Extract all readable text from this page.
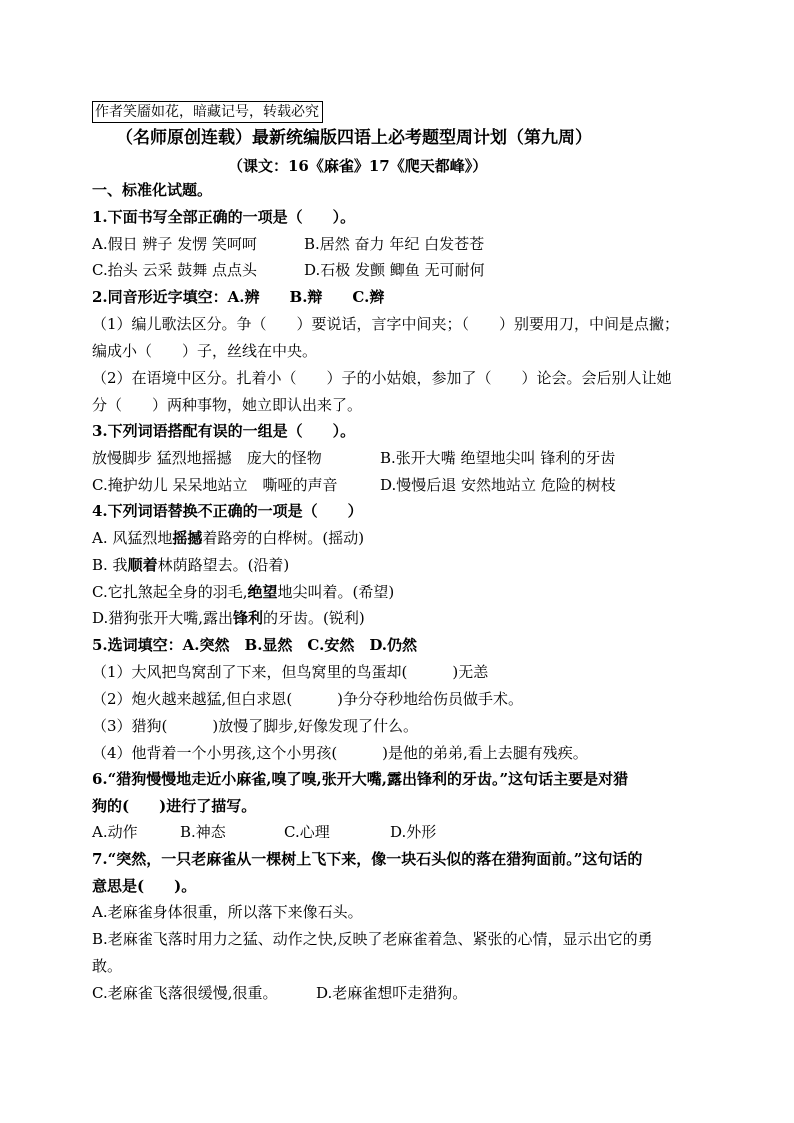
作者笑靥如花，暗藏记号，转载必究
（名师原创连载）最新统编版四语上必考题型周计划（第九周）
（课文：16《麻雀》17《爬天都峰》）
一、标准化试题。
1.下面书写全部正确的一项是（　　）。
A.假日 辨子 发愣 笑呵呵	B.居然 奋力 年纪 白发苍苍
C.抬头 云采 鼓舞 点点头	D.石极 发颤 鲫鱼 无可耐何
2.同音形近字填空：A.辨　　B.辩　　C.辫
（1）编儿歌法区分。争（　　）要说话，言字中间夹；（　　）别要用刀，中间是点撇；
编成小（　　）子，丝线在中央。
（2）在语境中区分。扎着小（　　）子的小姑娘，参加了（　　）论会。会后别人让她
分（　　）两种事物，她立即认出来了。
3.下列词语搭配有误的一组是（　　）。
放慢脚步 猛烈地摇撼　庞大的怪物	B.张开大嘴 绝望地尖叫 锋利的牙齿
C.掩护幼儿 呆呆地站立　嘶哑的声音	D.慢慢后退 安然地站立 危险的树枝
4.下列词语替换不正确的一项是（　　）
A. 风猛烈地摇撼着路旁的白桦树。(摇动)
B. 我顺着林荫路望去。(沿着)
C.它扎煞起全身的羽毛,绝望地尖叫着。(希望)
D.猎狗张开大嘴,露出锋利的牙齿。(锐利)
5.选词填空：A.突然　B.显然　C.安然　D.仍然
（1）大风把鸟窝刮了下来，但鸟窝里的鸟蛋却(　　　)无恙
（2）炮火越来越猛,但白求恩(　　　)争分夺秒地给伤员做手术。
（3）猎狗(　　　)放慢了脚步,好像发现了什么。
（4）他背着一个小男孩,这个小男孩(　　　)是他的弟弟,看上去腿有残疾。
6.“猎狗慢慢地走近小麻雀,嗅了嗅,张开大嘴,露出锋利的牙齿。”这句话主要是对猎
狗的(　　)进行了描写。
A.动作	B.神态	C.心理	D.外形
7.“突然，一只老麻雀从一棵树上飞下来，像一块石头似的落在猎狗面前。”这句话的
意思是(　　)。
A.老麻雀身体很重，所以落下来像石头。
B.老麻雀飞落时用力之猛、动作之快,反映了老麻雀着急、紧张的心情，显示出它的勇
敢。
C.老麻雀飞落很缓慢,很重。	D.老麻雀想吓走猎狗。
